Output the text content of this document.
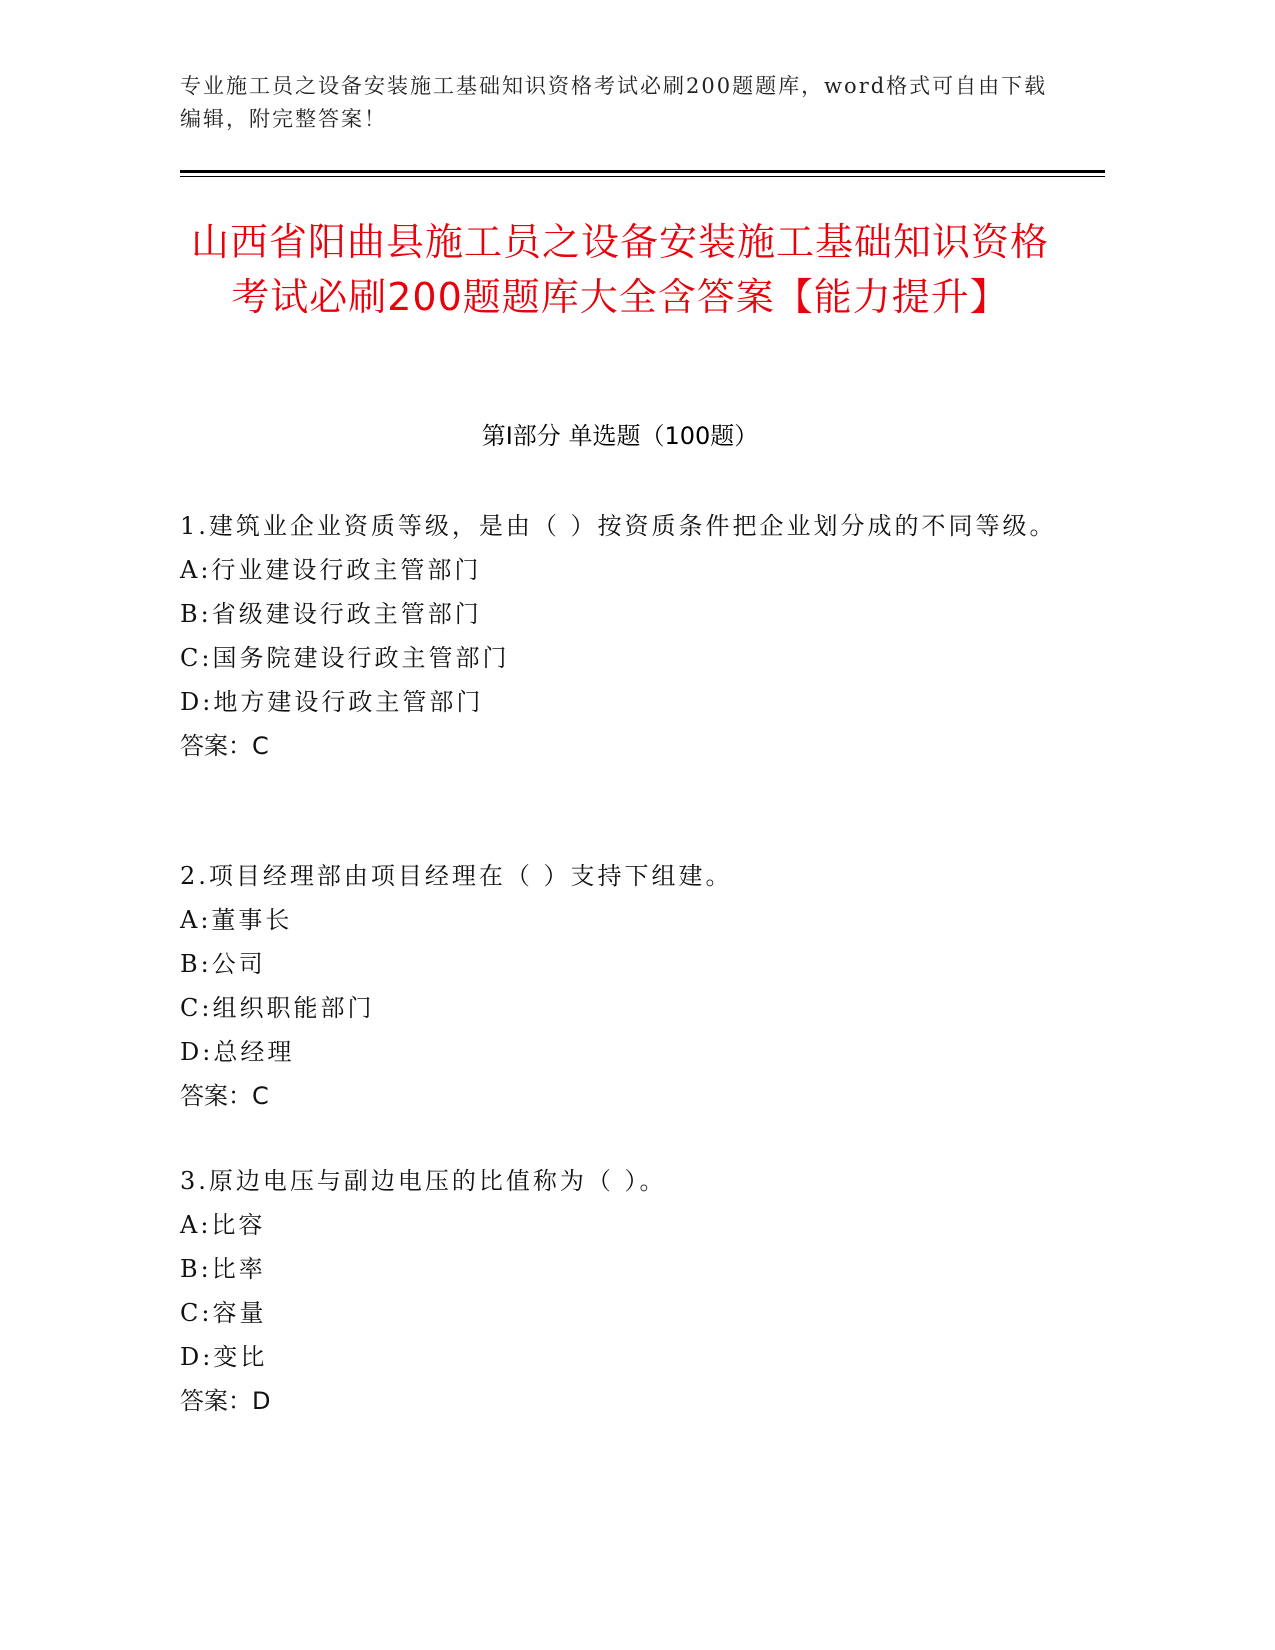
专业施工员之设备安装施工基础知识资格考试必刷200题题库，word格式可自由下载编辑，附完整答案！
山西省阳曲县施工员之设备安装施工基础知识资格考试必刷200题题库大全含答案【能力提升】
第I部分 单选题（100题）

1.建筑业企业资质等级，是由（ ）按资质条件把企业划分成的不同等级。

A:行业建设行政主管部门

B:省级建设行政主管部门

C:国务院建设行政主管部门

D:地方建设行政主管部门

答案：C

2.项目经理部由项目经理在（ ）支持下组建。

A:董事长

B:公司

C:组织职能部门

D:总经理

答案：C

3.原边电压与副边电压的比值称为（ ）。

A:比容

B:比率

C:容量

D:变比

答案：D
